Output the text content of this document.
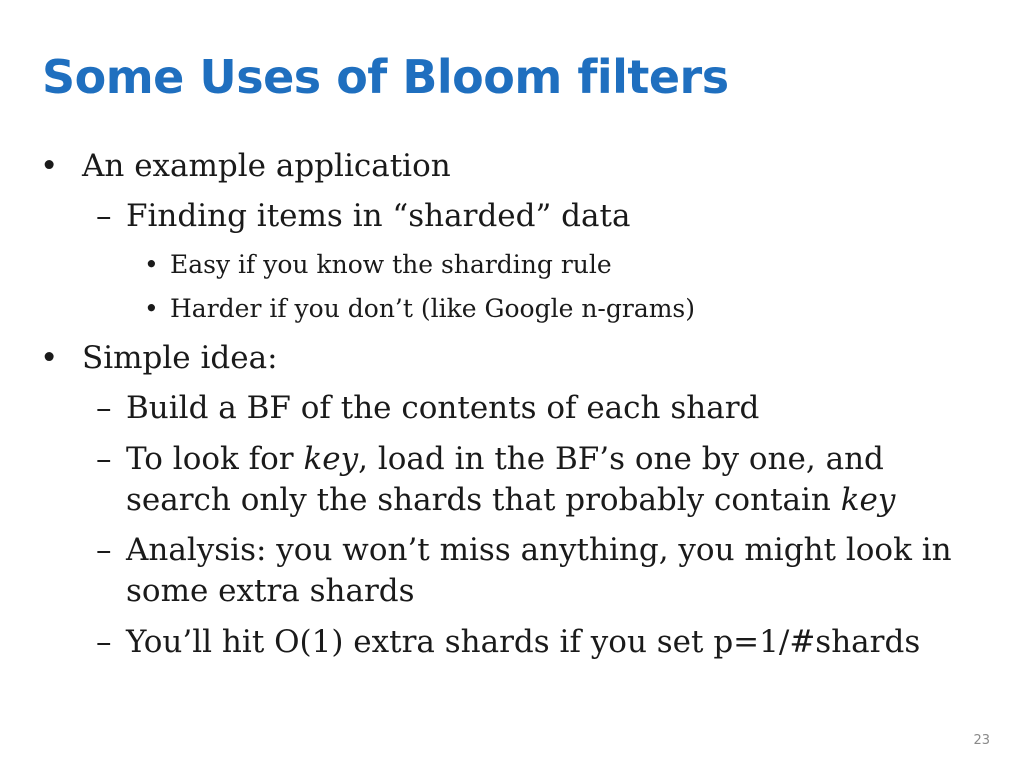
Some Uses of Bloom filters
• An example application
– Finding items in “sharded” data
• Easy if you know the sharding rule
• Harder if you don’t (like Google n-grams)
• Simple idea:
– Build a BF of the contents of each shard
– To look for key, load in the BF’s one by one, and
search only the shards that probably contain key
– Analysis: you won’t miss anything, you might look in
some extra shards
– You’ll hit O(1) extra shards if you set p=1/#shards
23
